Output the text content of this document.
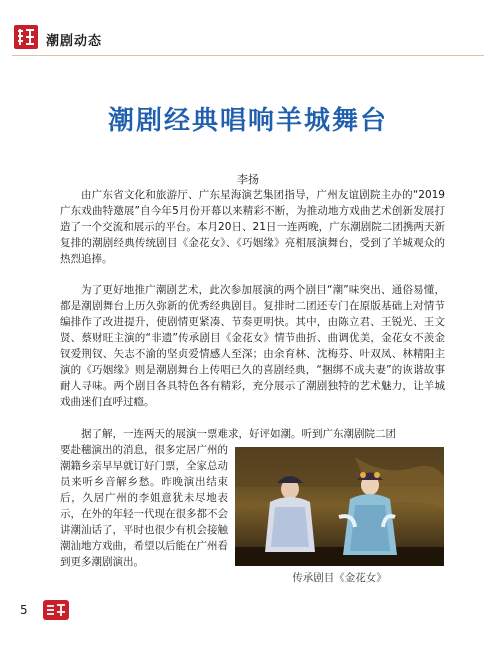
潮剧动态
潮剧经典唱响羊城舞台
李扬

由广东省文化和旅游厅、广东星海演艺集团指导，广州友谊剧院主办的“2019广东戏曲特邀展”自今年5月份开幕以来精彩不断，为推动地方戏曲艺术创新发展打造了一个交流和展示的平台。本月20日、21日一连两晚，广东潮剧院二团携两天新复排的潮剧经典传统剧目《金花女》、《巧姻缘》亮相展演舞台，受到了羊城观众的热烈追捧。

为了更好地推广潮剧艺术，此次参加展演的两个剧目“潮”味突出、通俗易懂，都是潮剧舞台上历久弥新的优秀经典剧目。复排时二团还专门在原版基础上对情节编排作了改进提升，使剧情更紧凑、节奏更明快。其中，由陈立君、王锐光、王文贤、蔡财旺主演的“非遗”传承剧目《金花女》情节曲折、曲调优美，金花女不羡金钗爱荆钗、矢志不渝的坚贞爱情感人至深；由余育林、沈梅芬、叶双凤、林精阳主演的《巧姻缘》则是潮剧舞台上传唱已久的喜剧经典，“捆绑不成夫妻”的诙谐故事耐人寻味。两个剧目各具特色各有精彩，充分展示了潮剧独特的艺术魅力，让羊城戏曲迷们直呼过瘾。

据了解，一连两天的展演一票难求，好评如潮。听到广东潮剧院二团

要赴穗演出的消息，很多定居广州的潮籍乡亲早早就订好门票，全家总动员来听乡音解乡愁。昨晚演出结束后，久居广州的李姐意犹未尽地表示，在外的年轻一代现在很多都不会讲潮汕话了，平时也很少有机会接触潮汕地方戏曲，希望以后能在广州看到更多潮剧演出。

传承剧目《金花女》
5
